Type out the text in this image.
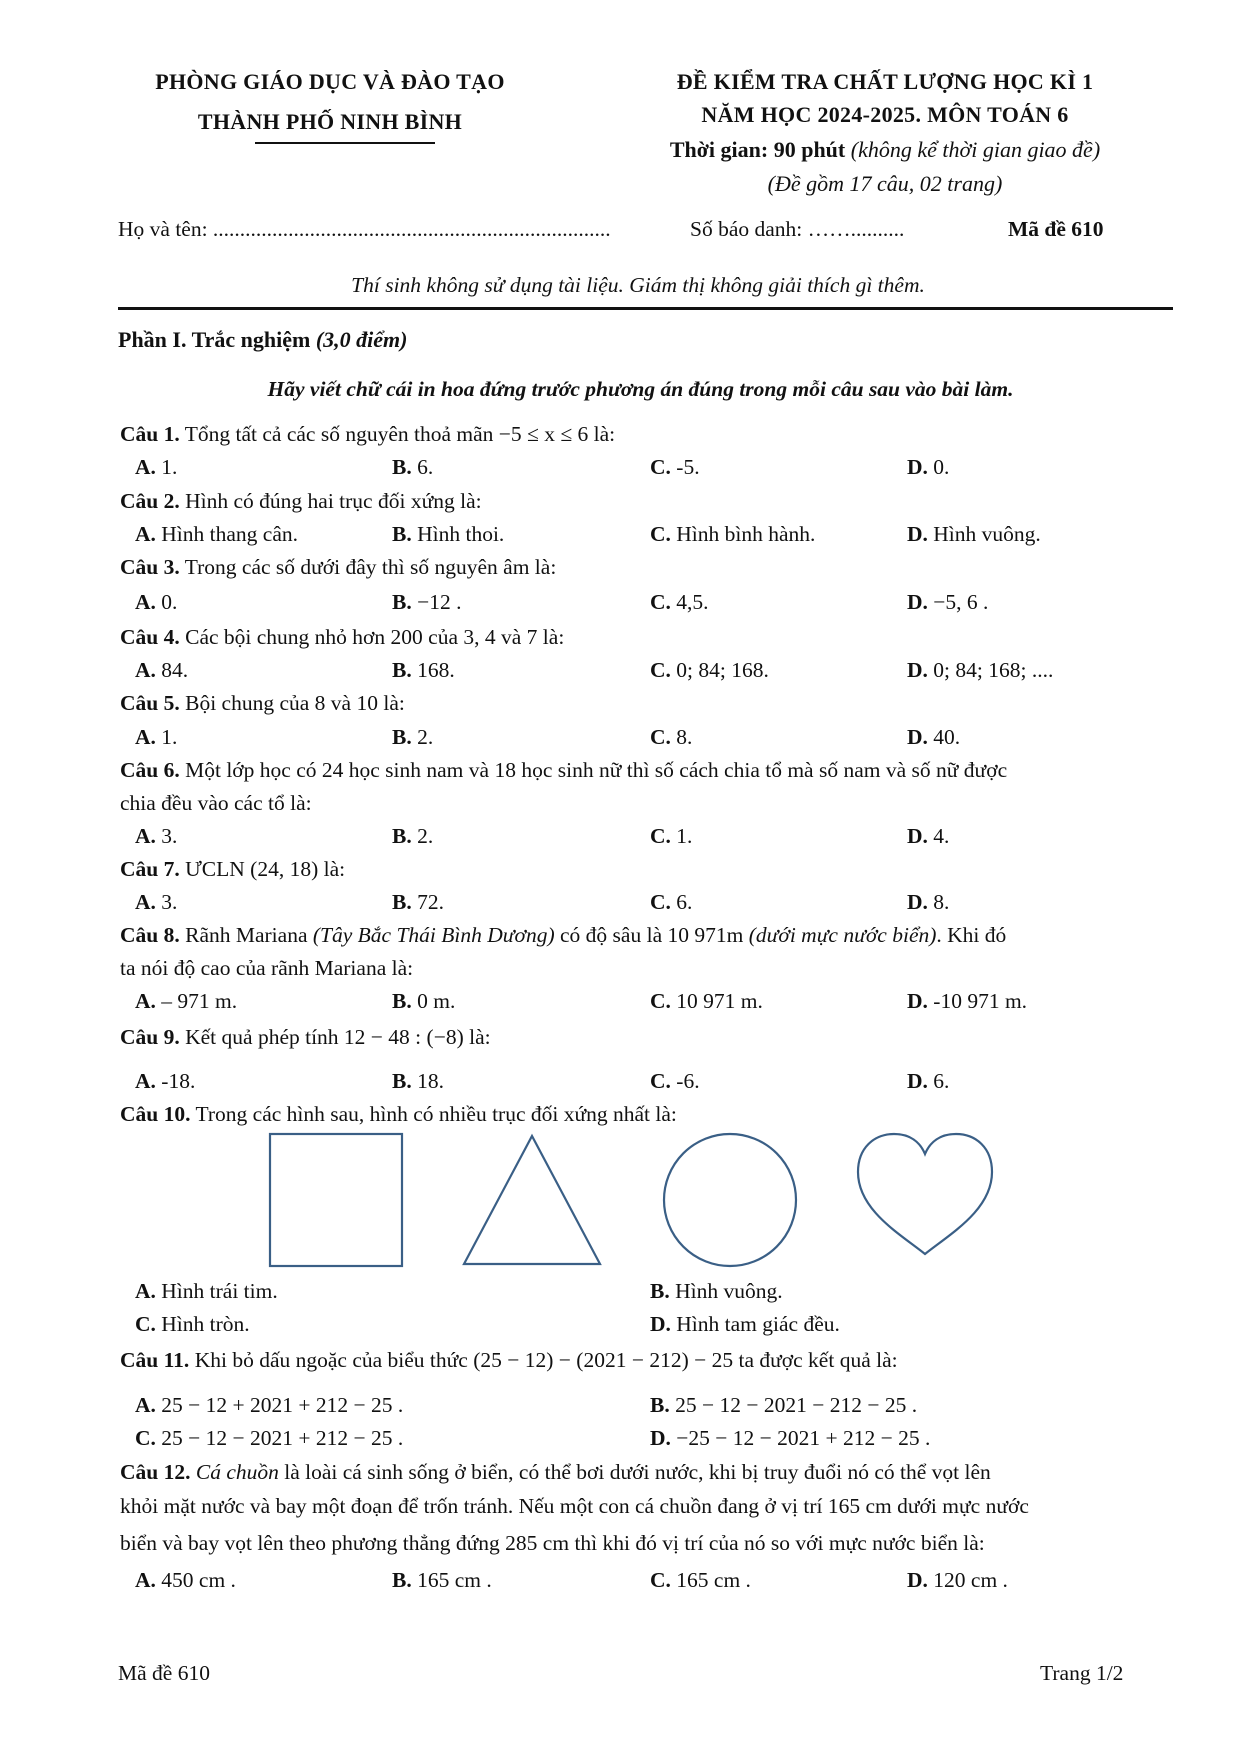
PHÒNG GIÁO DỤC VÀ ĐÀO TẠO
THÀNH PHỐ NINH BÌNH
ĐỀ KIỂM TRA CHẤT LƯỢNG HỌC KÌ 1
NĂM HỌC 2024-2025. MÔN TOÁN 6
Thời gian: 90 phút (không kể thời gian giao đề)
(Đề gồm 17 câu, 02 trang)
Họ và tên: ..........................................................................	Số báo danh: ……..........	Mã đề 610
Thí sinh không sử dụng tài liệu. Giám thị không giải thích gì thêm.
Phần I. Trắc nghiệm (3,0 điểm)
Hãy viết chữ cái in hoa đứng trước phương án đúng trong mỗi câu sau vào bài làm.
Câu 1. Tổng tất cả các số nguyên thoả mãn −5 ≤ x ≤ 6 là:
A. 1.	B. 6.	C. -5.	D. 0.
Câu 2. Hình có đúng hai trục đối xứng là:
A. Hình thang cân.	B. Hình thoi.	C. Hình bình hành.	D. Hình vuông.
Câu 3. Trong các số dưới đây thì số nguyên âm là:
A. 0.	B. −12 .	C. 4,5.	D. −5, 6 .
Câu 4. Các bội chung nhỏ hơn 200 của 3, 4 và 7 là:
A. 84.	B. 168.	C. 0; 84; 168.	D. 0; 84; 168; ....
Câu 5. Bội chung của 8 và 10 là:
A. 1.	B. 2.	C. 8.	D. 40.
Câu 6. Một lớp học có 24 học sinh nam và 18 học sinh nữ thì số cách chia tổ mà số nam và số nữ được
chia đều vào các tổ là:
A. 3.	B. 2.	C. 1.	D. 4.
Câu 7. ƯCLN (24, 18) là:
A. 3.	B. 72.	C. 6.	D. 8.
Câu 8. Rãnh Mariana (Tây Bắc Thái Bình Dương) có độ sâu là 10 971m (dưới mực nước biển). Khi đó
ta nói độ cao của rãnh Mariana là:
A. – 971 m.	B. 0 m.	C. 10 971 m.	D. -10 971 m.
Câu 9. Kết quả phép tính 12 − 48 : (−8) là:
A. -18.	B. 18.	C. -6.	D. 6.
Câu 10. Trong các hình sau, hình có nhiều trục đối xứng nhất là:
A. Hình trái tim.	B. Hình vuông.
C. Hình tròn.	D. Hình tam giác đều.
Câu 11. Khi bỏ dấu ngoặc của biểu thức (25 − 12) − (2021 − 212) − 25 ta được kết quả là:
A. 25 − 12 + 2021 + 212 − 25 .	B. 25 − 12 − 2021 − 212 − 25 .
C. 25 − 12 − 2021 + 212 − 25 .	D. −25 − 12 − 2021 + 212 − 25 .
Câu 12. Cá chuồn là loài cá sinh sống ở biển, có thể bơi dưới nước, khi bị truy đuổi nó có thể vọt lên
khỏi mặt nước và bay một đoạn để trốn tránh. Nếu một con cá chuồn đang ở vị trí 165 cm dưới mực nước
biển và bay vọt lên theo phương thẳng đứng 285 cm thì khi đó vị trí của nó so với mực nước biển là:
A. 450 cm .	B. 165 cm .	C. 165 cm .	D. 120 cm .
Mã đề 610	Trang 1/2
